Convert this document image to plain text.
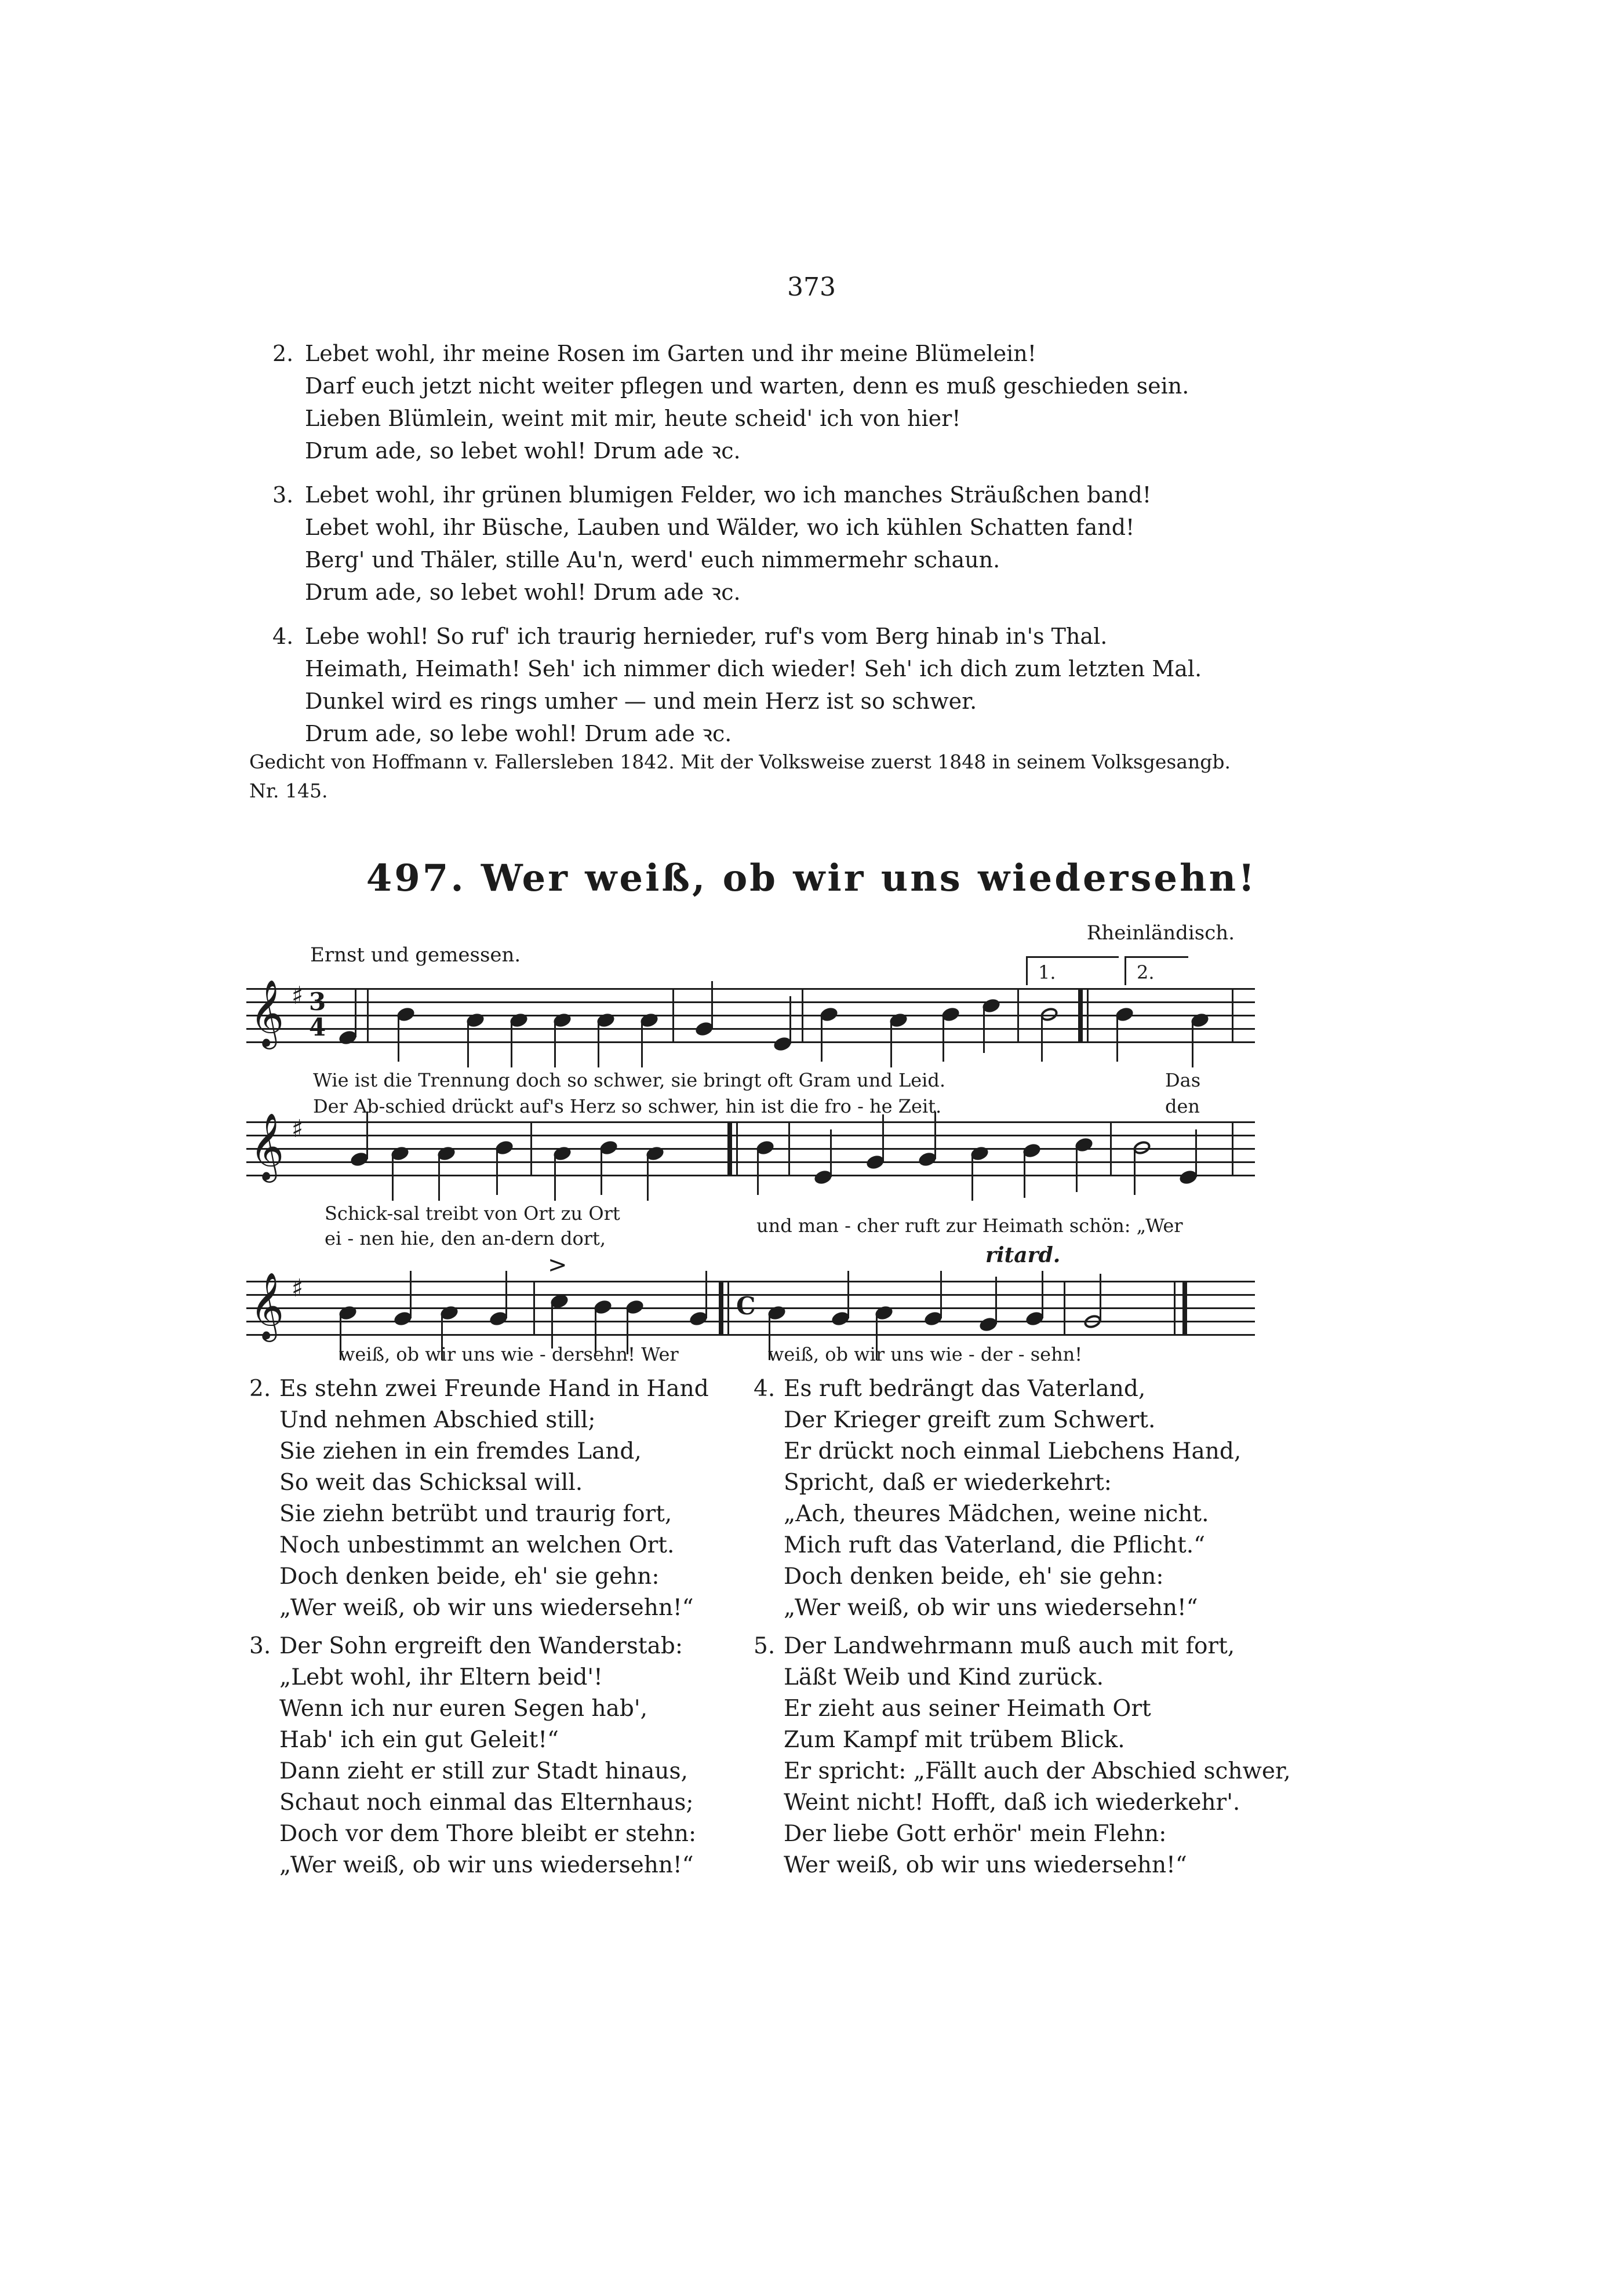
373
2. Lebet wohl, ihr meine Rosen im Garten und ihr meine Blümelein!
Darf euch jetzt nicht weiter pflegen und warten, denn es muß geschieden sein.
Lieben Blümlein, weint mit mir, heute scheid' ich von hier!
Drum ade, so lebet wohl! Drum ade ꝛc.
3. Lebet wohl, ihr grünen blumigen Felder, wo ich manches Sträußchen band!
Lebet wohl, ihr Büsche, Lauben und Wälder, wo ich kühlen Schatten fand!
Berg' und Thäler, stille Au'n, werd' euch nimmermehr schaun.
Drum ade, so lebet wohl! Drum ade ꝛc.
4. Lebe wohl! So ruf' ich traurig hernieder, ruf's vom Berg hinab in's Thal.
Heimath, Heimath! Seh' ich nimmer dich wieder! Seh' ich dich zum letzten Mal.
Dunkel wird es rings umher — und mein Herz ist so schwer.
Drum ade, so lebe wohl! Drum ade ꝛc.
Gedicht von Hoffmann v. Fallersleben 1842. Mit der Volksweise zuerst 1848 in seinem Volksgesangb. Nr. 145.
497. Wer weiß, ob wir uns wiedersehn!
Rheinländisch.
Ernst und gemessen.
1.	2.
𝄞 ♯ 3
4
Wie ist die Trennung doch so schwer, sie bringt oft Gram und Leid.
Der Ab-schied drückt auf's Herz so schwer, hin ist die fro - he Zeit.
Das
den
𝄞 ♯
Schick-sal treibt von Ort zu Ort
ei - nen hie, den an-dern dort,
und man - cher ruft zur Heimath schön: „Wer
>	ritard.
𝄞 ♯
C
weiß, ob wir uns wie - dersehn! Wer	weiß, ob wir uns wie - der - sehn!
2. Es stehn zwei Freunde Hand in Hand
Und nehmen Abschied still;
Sie ziehen in ein fremdes Land,
So weit das Schicksal will.
Sie ziehn betrübt und traurig fort,
Noch unbestimmt an welchen Ort.
Doch denken beide, eh' sie gehn:
„Wer weiß, ob wir uns wiedersehn!“
3. Der Sohn ergreift den Wanderstab:
„Lebt wohl, ihr Eltern beid'!
Wenn ich nur euren Segen hab',
Hab' ich ein gut Geleit!“
Dann zieht er still zur Stadt hinaus,
Schaut noch einmal das Elternhaus;
Doch vor dem Thore bleibt er stehn:
„Wer weiß, ob wir uns wiedersehn!“
4. Es ruft bedrängt das Vaterland,
Der Krieger greift zum Schwert.
Er drückt noch einmal Liebchens Hand,
Spricht, daß er wiederkehrt:
„Ach, theures Mädchen, weine nicht.
Mich ruft das Vaterland, die Pflicht.“
Doch denken beide, eh' sie gehn:
„Wer weiß, ob wir uns wiedersehn!“
5. Der Landwehrmann muß auch mit fort,
Läßt Weib und Kind zurück.
Er zieht aus seiner Heimath Ort
Zum Kampf mit trübem Blick.
Er spricht: „Fällt auch der Abschied schwer,
Weint nicht! Hofft, daß ich wiederkehr'.
Der liebe Gott erhör' mein Flehn:
Wer weiß, ob wir uns wiedersehn!“
